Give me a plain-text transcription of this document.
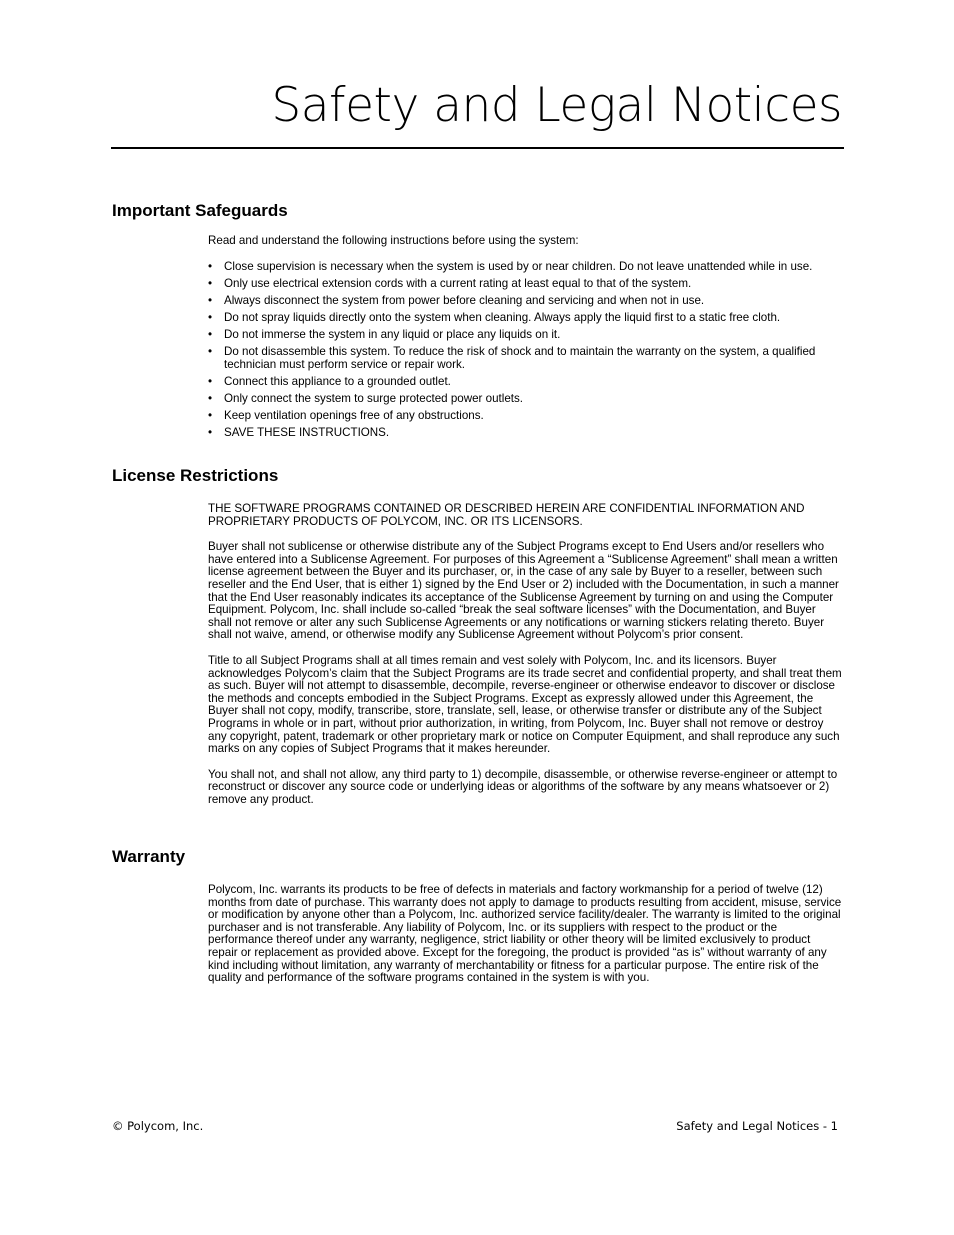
Safety and Legal Notices
Important Safeguards

Read and understand the following instructions before using the system:

• Close supervision is necessary when the system is used by or near children. Do not leave unattended while in use.
• Only use electrical extension cords with a current rating at least equal to that of the system.
• Always disconnect the system from power before cleaning and servicing and when not in use.
• Do not spray liquids directly onto the system when cleaning. Always apply the liquid first to a static free cloth.
• Do not immerse the system in any liquid or place any liquids on it.
• Do not disassemble this system. To reduce the risk of shock and to maintain the warranty on the system, a qualified technician must perform service or repair work.
• Connect this appliance to a grounded outlet.
• Only connect the system to surge protected power outlets.
• Keep ventilation openings free of any obstructions.
• SAVE THESE INSTRUCTIONS.
License Restrictions

THE SOFTWARE PROGRAMS CONTAINED OR DESCRIBED HEREIN ARE CONFIDENTIAL INFORMATION AND PROPRIETARY PRODUCTS OF POLYCOM, INC. OR ITS LICENSORS.

Buyer shall not sublicense or otherwise distribute any of the Subject Programs except to End Users and/or resellers who have entered into a Sublicense Agreement. For purposes of this Agreement a “Sublicense Agreement” shall mean a written license agreement between the Buyer and its purchaser, or, in the case of any sale by Buyer to a reseller, between such reseller and the End User, that is either 1) signed by the End User or 2) included with the Documentation, in such a manner that the End User reasonably indicates its acceptance of the Sublicense Agreement by turning on and using the Computer Equipment. Polycom, Inc. shall include so-called “break the seal software licenses” with the Documentation, and Buyer shall not remove or alter any such Sublicense Agreements or any notifications or warning stickers relating thereto. Buyer shall not waive, amend, or otherwise modify any Sublicense Agreement without Polycom’s prior consent.

Title to all Subject Programs shall at all times remain and vest solely with Polycom, Inc. and its licensors. Buyer acknowledges Polycom’s claim that the Subject Programs are its trade secret and confidential property, and shall treat them as such. Buyer will not attempt to disassemble, decompile, reverse-engineer or otherwise endeavor to discover or disclose the methods and concepts embodied in the Subject Programs. Except as expressly allowed under this Agreement, the Buyer shall not copy, modify, transcribe, store, translate, sell, lease, or otherwise transfer or distribute any of the Subject Programs in whole or in part, without prior authorization, in writing, from Polycom, Inc. Buyer shall not remove or destroy any copyright, patent, trademark or other proprietary mark or notice on Computer Equipment, and shall reproduce any such marks on any copies of Subject Programs that it makes hereunder.

You shall not, and shall not allow, any third party to 1) decompile, disassemble, or otherwise reverse-engineer or attempt to reconstruct or discover any source code or underlying ideas or algorithms of the software by any means whatsoever or 2) remove any product.

Warranty

Polycom, Inc. warrants its products to be free of defects in materials and factory workmanship for a period of twelve (12) months from date of purchase. This warranty does not apply to damage to products resulting from accident, misuse, service or modification by anyone other than a Polycom, Inc. authorized service facility/dealer. The warranty is limited to the original purchaser and is not transferable. Any liability of Polycom, Inc. or its suppliers with respect to the product or the performance thereof under any warranty, negligence, strict liability or other theory will be limited exclusively to product repair or replacement as provided above. Except for the foregoing, the product is provided “as is” without warranty of any kind including without limitation, any warranty of merchantability or fitness for a particular purpose. The entire risk of the quality and performance of the software programs contained in the system is with you.

© Polycom, Inc.	Safety and Legal Notices - 1
